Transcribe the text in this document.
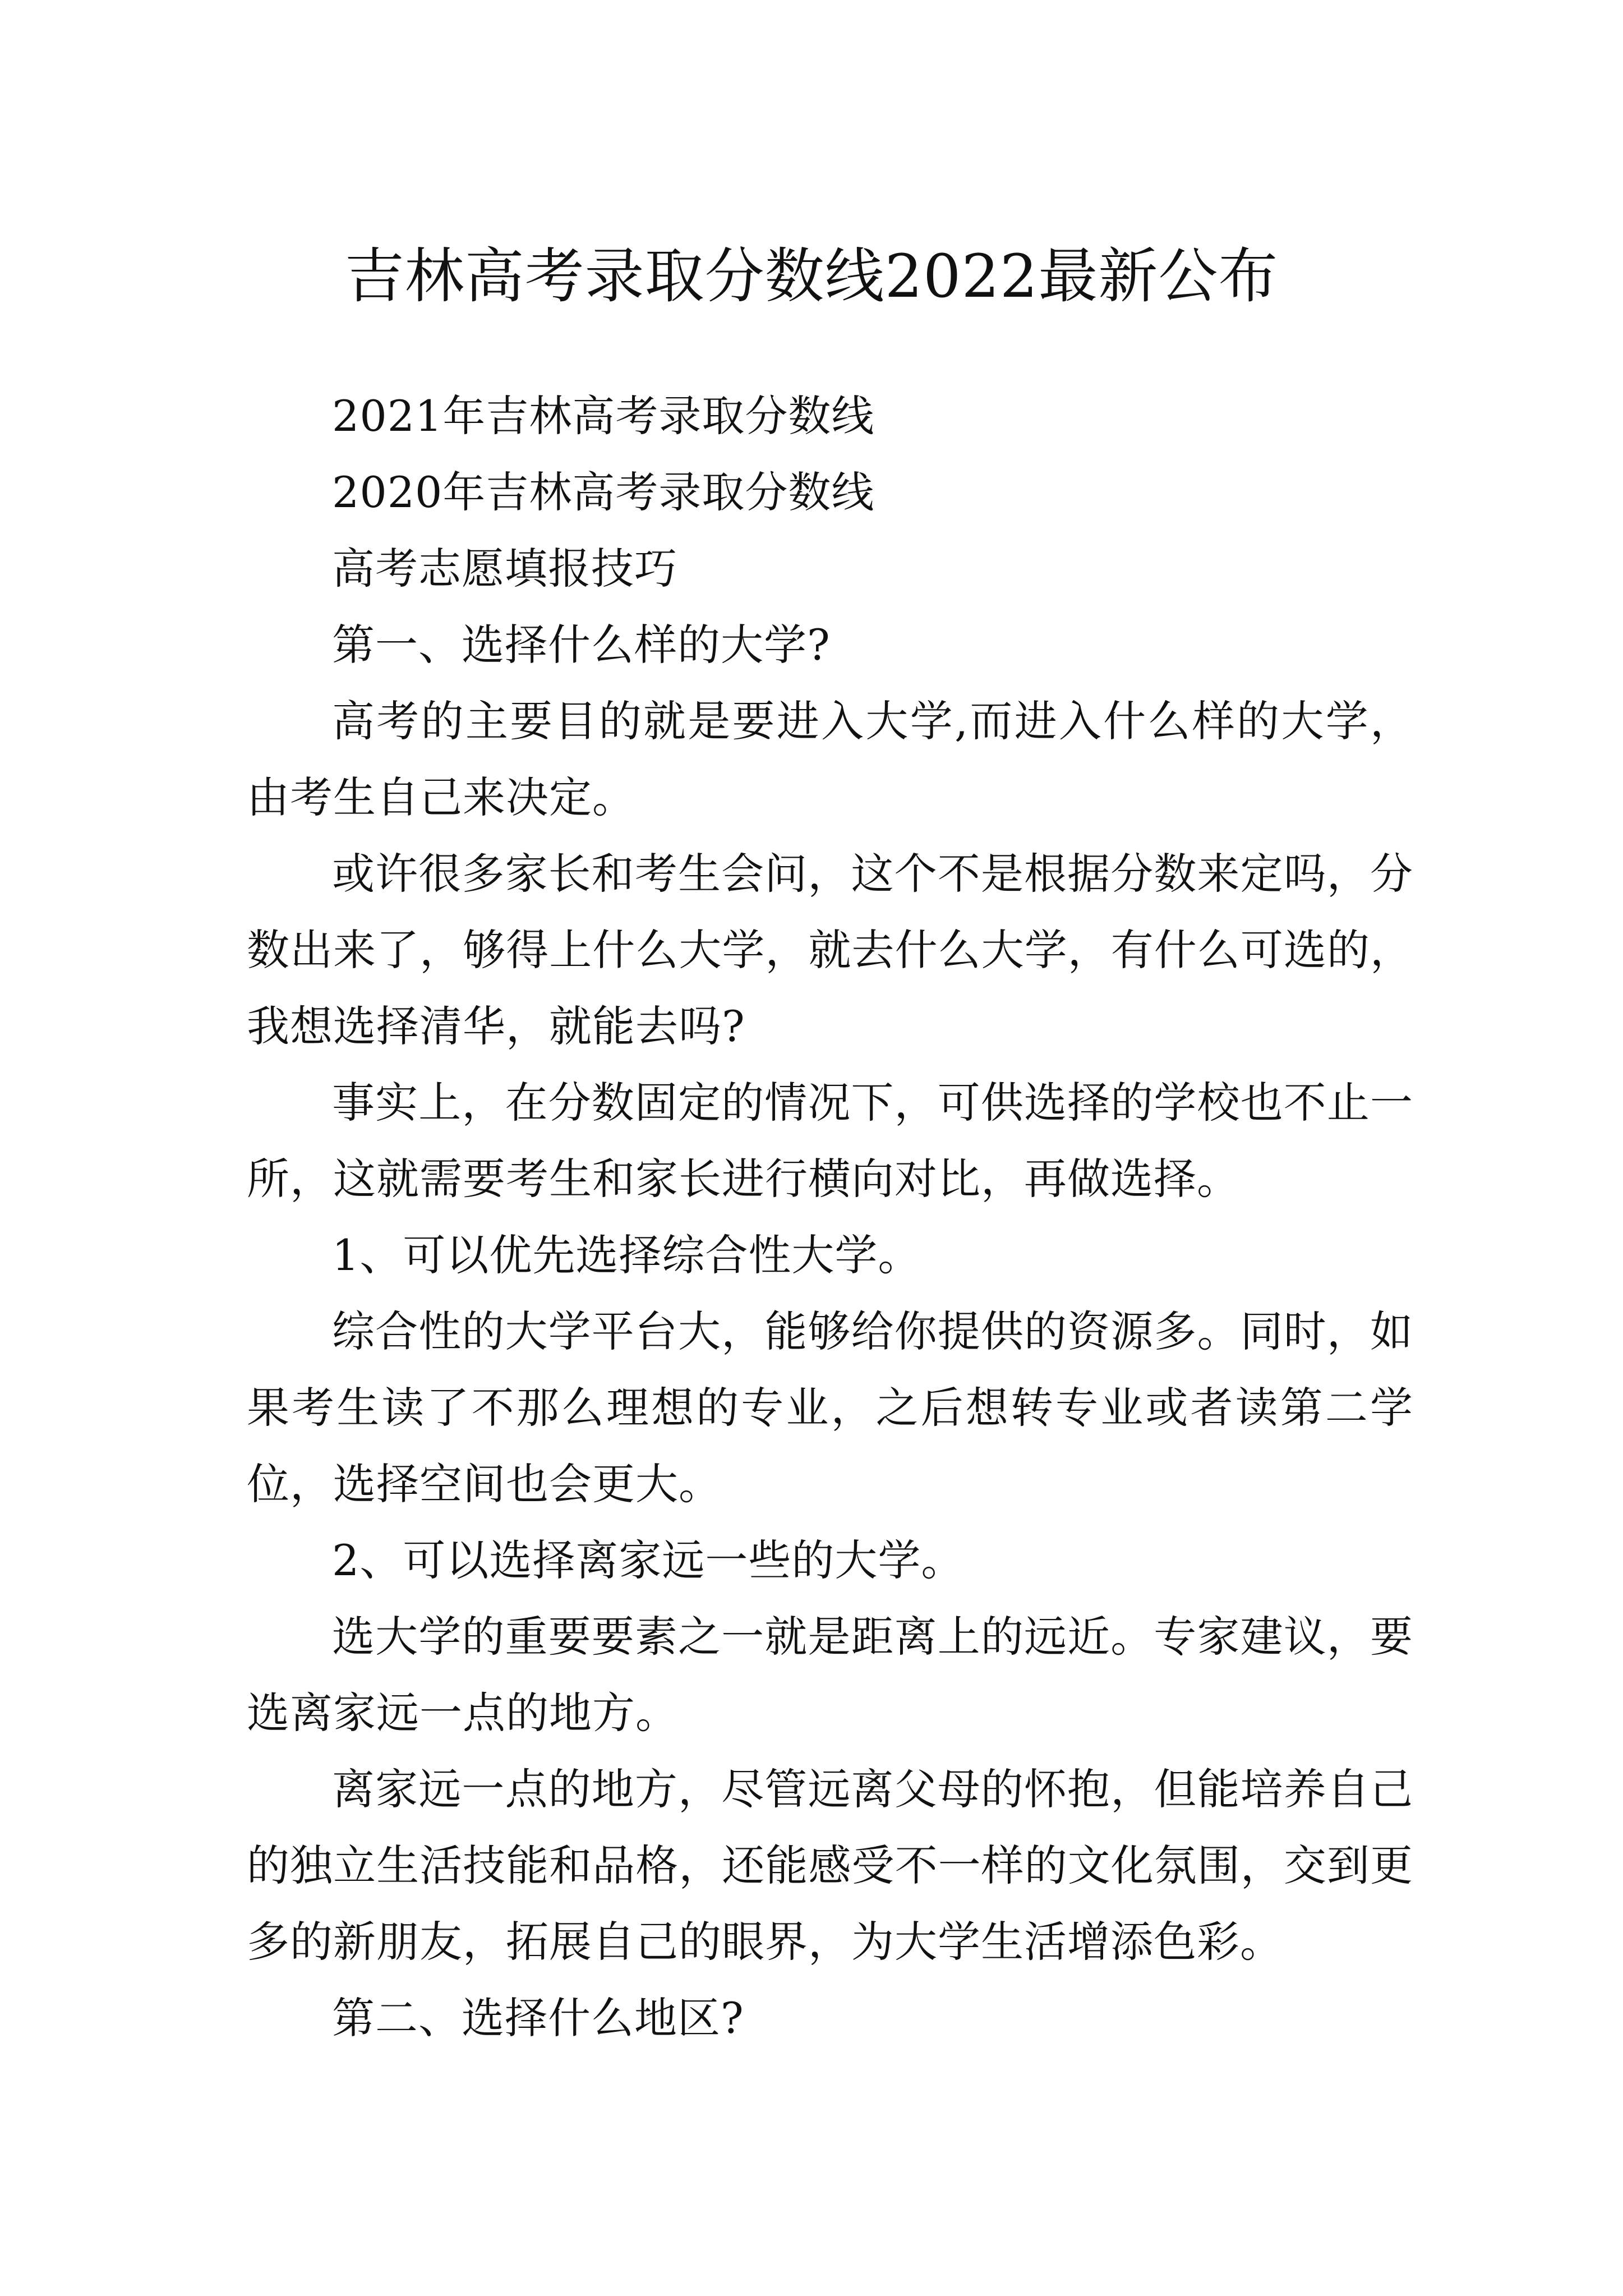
吉林高考录取分数线2022最新公布

2021年吉林高考录取分数线

2020年吉林高考录取分数线

高考志愿填报技巧

第一、选择什么样的大学?

高考的主要目的就是要进入大学,而进入什么样的大学，由考生自己来决定。

或许很多家长和考生会问，这个不是根据分数来定吗，分数出来了，够得上什么大学，就去什么大学，有什么可选的，我想选择清华，就能去吗?

事实上，在分数固定的情况下，可供选择的学校也不止一所，这就需要考生和家长进行横向对比，再做选择。

1、可以优先选择综合性大学。

综合性的大学平台大，能够给你提供的资源多。同时，如果考生读了不那么理想的专业，之后想转专业或者读第二学位，选择空间也会更大。

2、可以选择离家远一些的大学。

选大学的重要要素之一就是距离上的远近。专家建议，要选离家远一点的地方。

离家远一点的地方，尽管远离父母的怀抱，但能培养自己的独立生活技能和品格，还能感受不一样的文化氛围，交到更多的新朋友，拓展自己的眼界，为大学生活增添色彩。

第二、选择什么地区?
